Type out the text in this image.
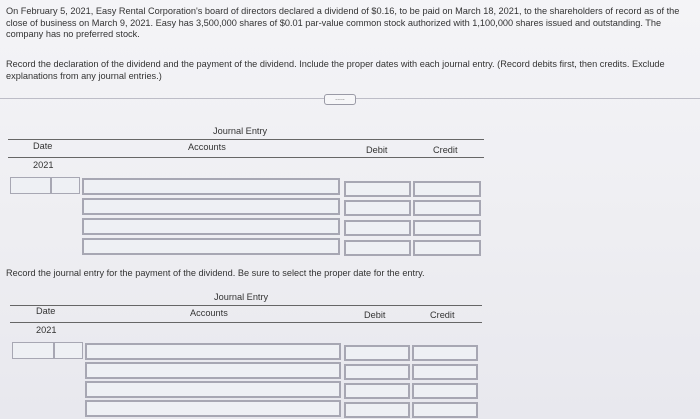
On February 5, 2021, Easy Rental Corporation's board of directors declared a dividend of $0.16, to be paid on March 18, 2021, to the shareholders of record as of the close of business on March 9, 2021. Easy has 3,500,000 shares of $0.01 par-value common stock authorized with 1,100,000 shares issued and outstanding. The company has no preferred stock.
Record the declaration of the dividend and the payment of the dividend. Include the proper dates with each journal entry. (Record debits first, then credits. Exclude explanations from any journal entries.)
.....
Journal Entry
Date	Accounts	Debit	Credit
2021
Record the journal entry for the payment of the dividend. Be sure to select the proper date for the entry.
Journal Entry
Date	Accounts	Debit	Credit
2021
